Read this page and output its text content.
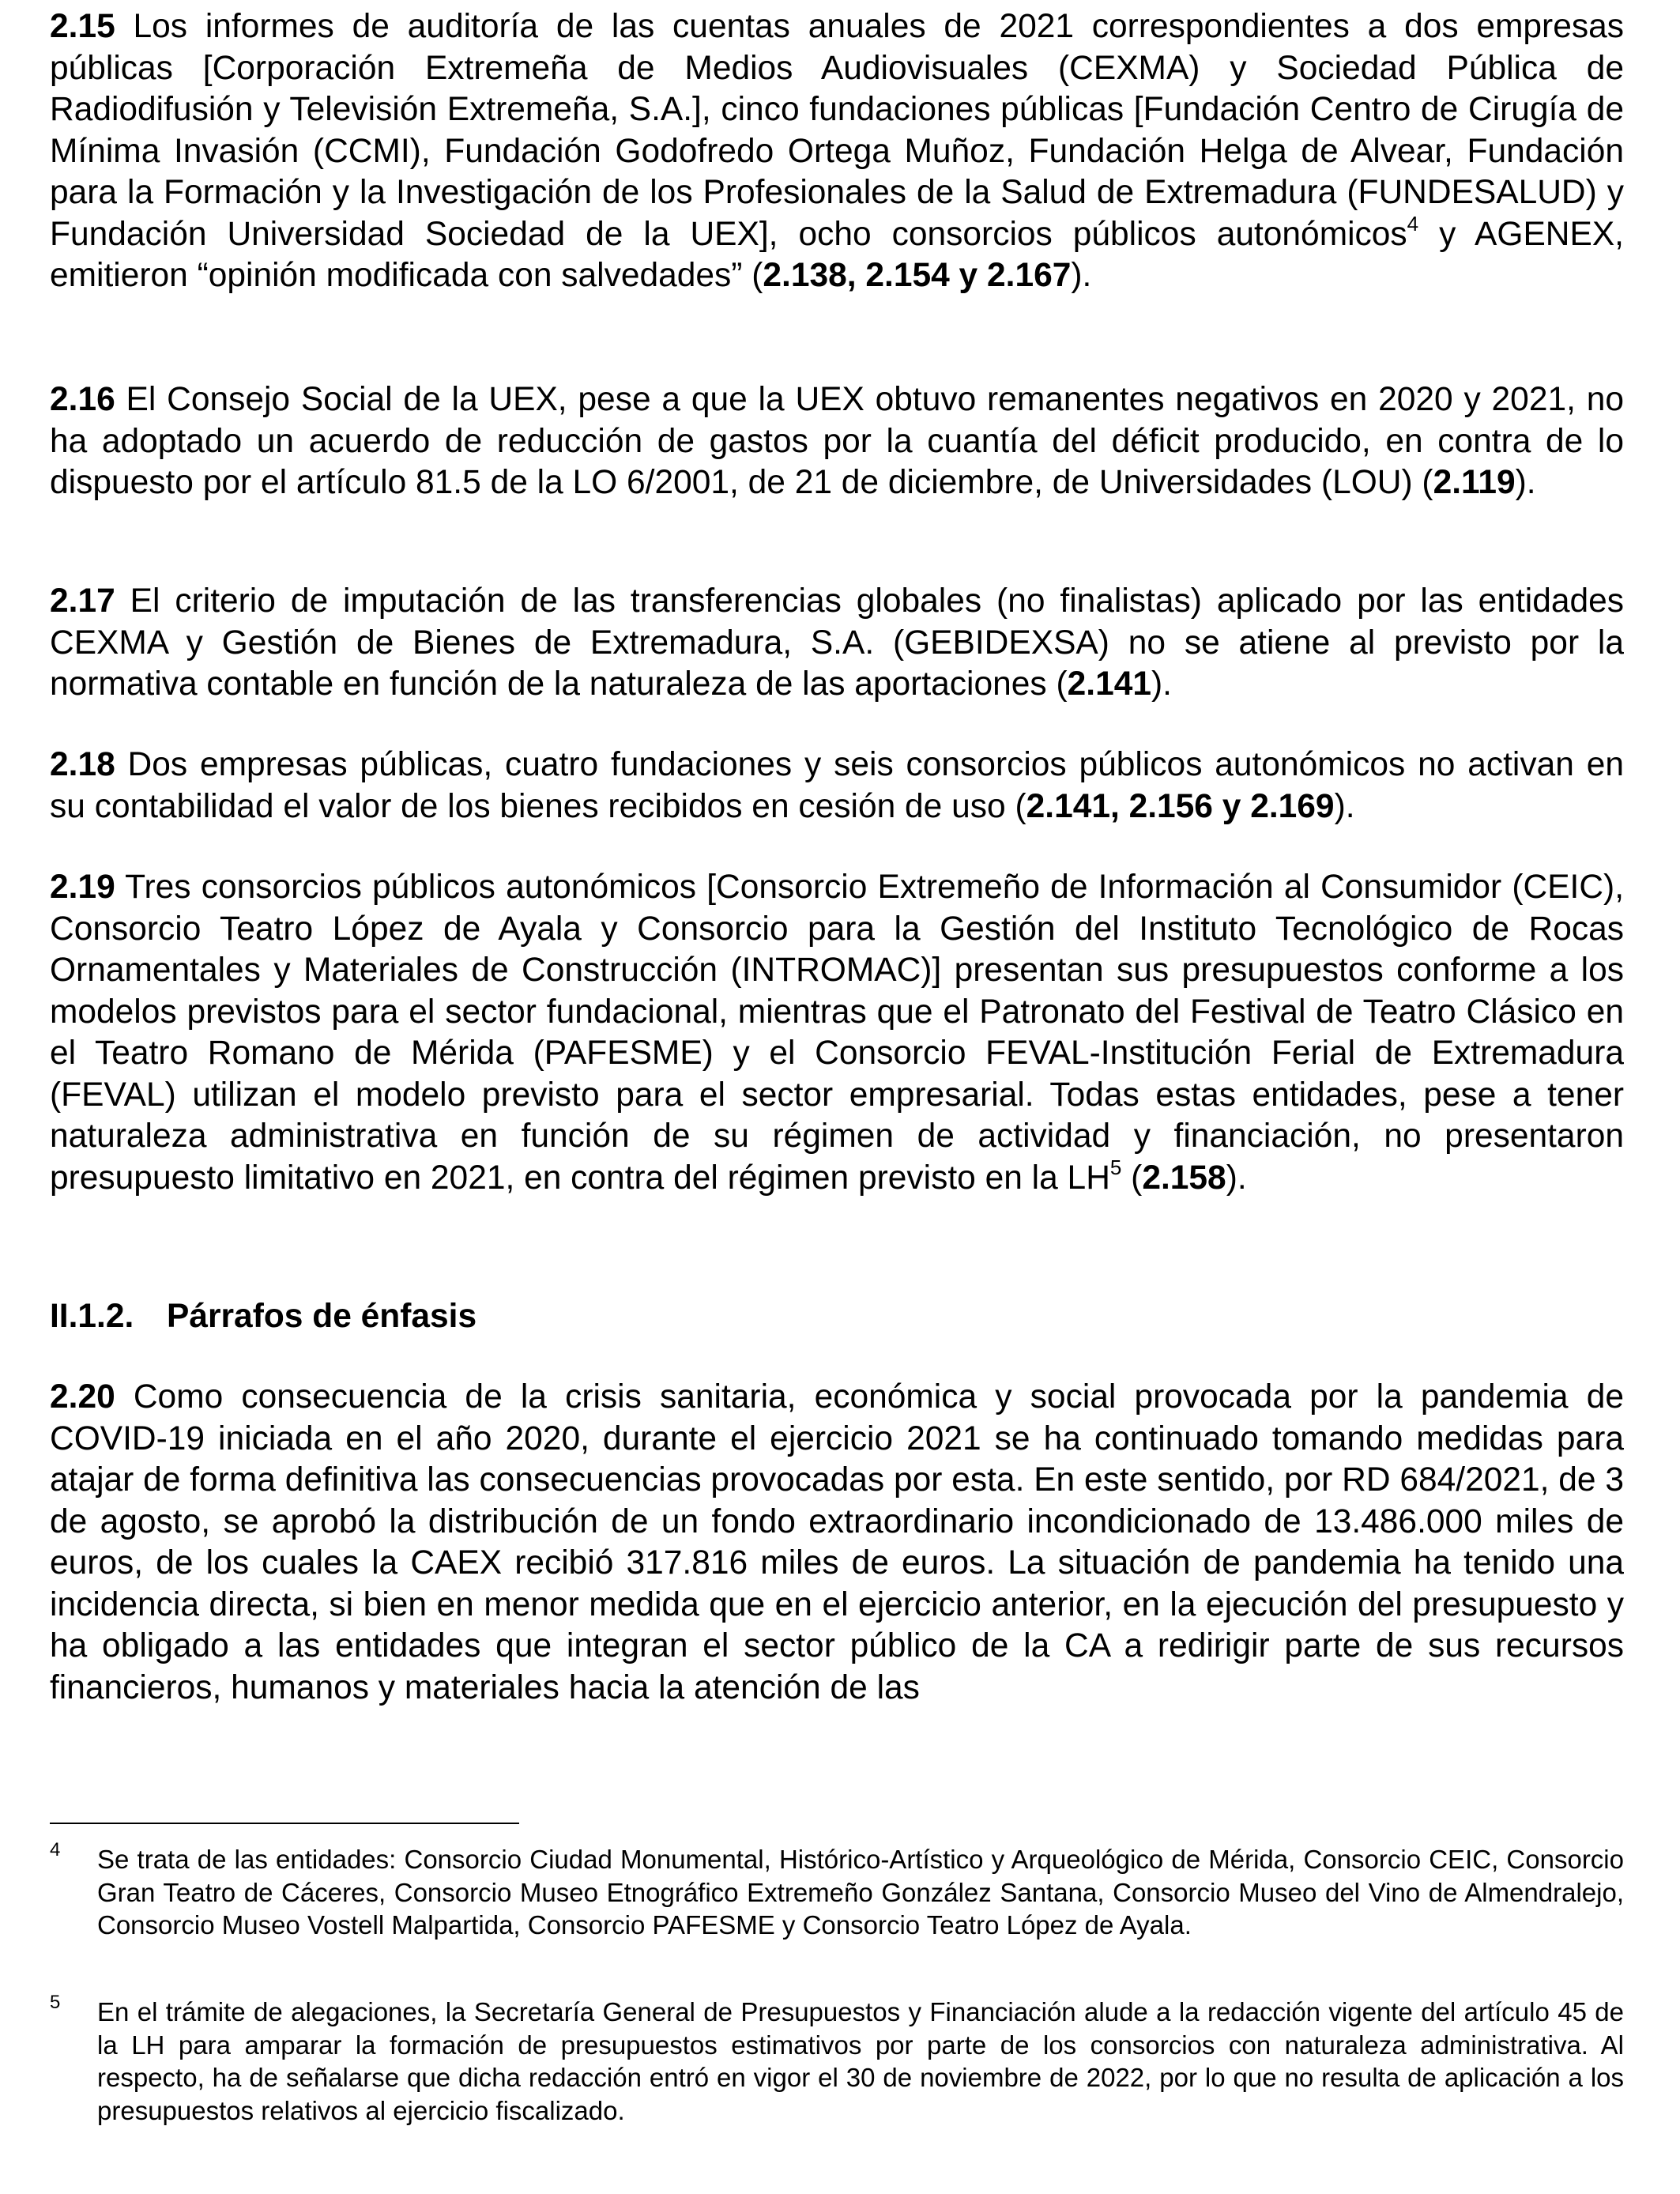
2.15 Los informes de auditoría de las cuentas anuales de 2021 correspondientes a dos empresas públicas [Corporación Extremeña de Medios Audiovisuales (CEXMA) y Sociedad Pública de Radiodifusión y Televisión Extremeña, S.A.], cinco fundaciones públicas [Fundación Centro de Cirugía de Mínima Invasión (CCMI), Fundación Godofredo Ortega Muñoz, Fundación Helga de Alvear, Fundación para la Formación y la Investigación de los Profesionales de la Salud de Extremadura (FUNDESALUD) y Fundación Universidad Sociedad de la UEX], ocho consorcios públicos autonómicos$^4$ y AGENEX, emitieron “opinión modificada con salvedades” (2.138, 2.154 y 2.167).

2.16 El Consejo Social de la UEX, pese a que la UEX obtuvo remanentes negativos en 2020 y 2021, no ha adoptado un acuerdo de reducción de gastos por la cuantía del déficit producido, en contra de lo dispuesto por el artículo 81.5 de la LO 6/2001, de 21 de diciembre, de Universidades (LOU) (2.119).

2.17 El criterio de imputación de las transferencias globales (no finalistas) aplicado por las entidades CEXMA y Gestión de Bienes de Extremadura, S.A. (GEBIDEXSA) no se atiene al previsto por la normativa contable en función de la naturaleza de las aportaciones (2.141).

2.18 Dos empresas públicas, cuatro fundaciones y seis consorcios públicos autonómicos no activan en su contabilidad el valor de los bienes recibidos en cesión de uso (2.141, 2.156 y 2.169).

2.19 Tres consorcios públicos autonómicos [Consorcio Extremeño de Información al Consumidor (CEIC), Consorcio Teatro López de Ayala y Consorcio para la Gestión del Instituto Tecnológico de Rocas Ornamentales y Materiales de Construcción (INTROMAC)] presentan sus presupuestos conforme a los modelos previstos para el sector fundacional, mientras que el Patronato del Festival de Teatro Clásico en el Teatro Romano de Mérida (PAFESME) y el Consorcio FEVAL-Institución Ferial de Extremadura (FEVAL) utilizan el modelo previsto para el sector empresarial. Todas estas entidades, pese a tener naturaleza administrativa en función de su régimen de actividad y financiación, no presentaron presupuesto limitativo en 2021, en contra del régimen previsto en la $LH^5$ (2.158).

II.1.2. Párrafos de énfasis

2.20 Como consecuencia de la crisis sanitaria, económica y social provocada por la pandemia de COVID-19 iniciada en el año 2020, durante el ejercicio 2021 se ha continuado tomando medidas para atajar de forma definitiva las consecuencias provocadas por esta. En este sentido, por RD 684/2021, de 3 de agosto, se aprobó la distribución de un fondo extraordinario incondicionado de 13.486.000 miles de euros, de los cuales la CAEX recibió 317.816 miles de euros. La situación de pandemia ha tenido una incidencia directa, si bien en menor medida que en el ejercicio anterior, en la ejecución del presupuesto y ha obligado a las entidades que integran el sector público de la CA a redirigir parte de sus recursos financieros, humanos y materiales hacia la atención de las

4 Se trata de las entidades: Consorcio Ciudad Monumental, Histórico-Artístico y Arqueológico de Mérida, Consorcio CEIC, Consorcio Gran Teatro de Cáceres, Consorcio Museo Etnográfico Extremeño González Santana, Consorcio Museo del Vino de Almendralejo, Consorcio Museo Vostell Malpartida, Consorcio PAFESME y Consorcio Teatro López de Ayala.
5 En el trámite de alegaciones, la Secretaría General de Presupuestos y Financiación alude a la redacción vigente del artículo 45 de la LH para amparar la formación de presupuestos estimativos por parte de los consorcios con naturaleza administrativa. Al respecto, ha de señalarse que dicha redacción entró en vigor el 30 de noviembre de 2022, por lo que no resulta de aplicación a los presupuestos relativos al ejercicio fiscalizado.
